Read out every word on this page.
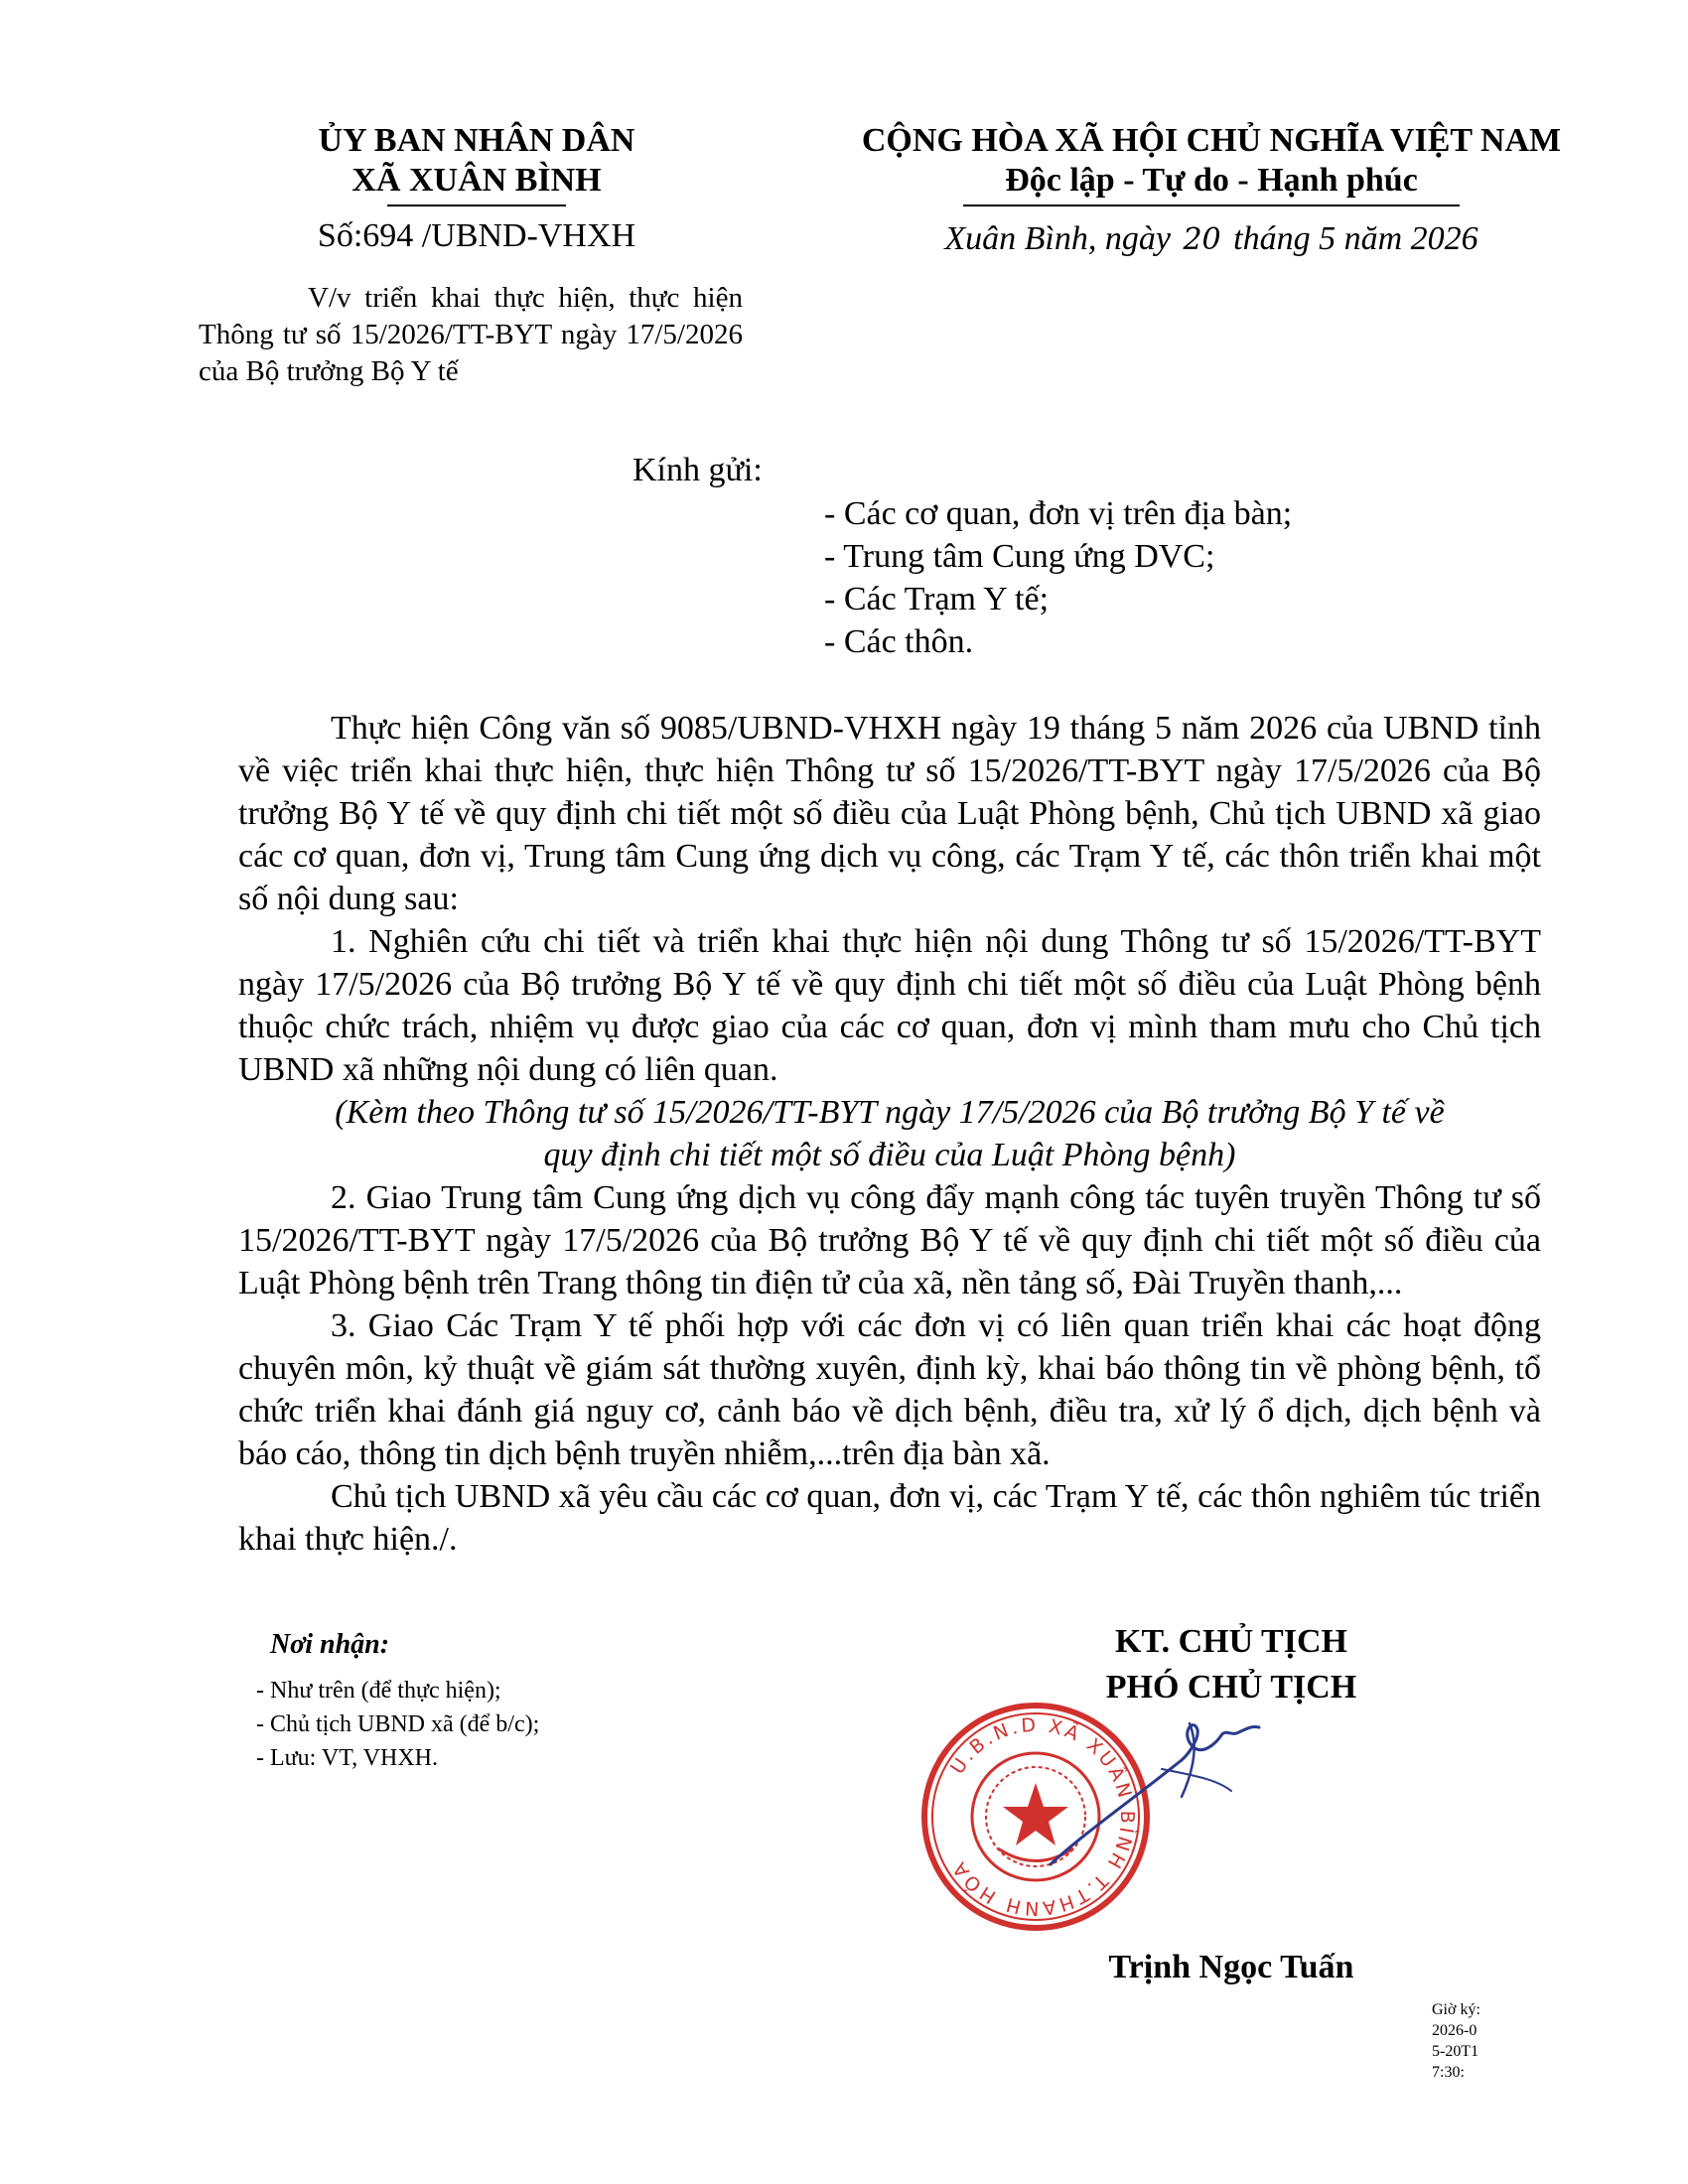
ỦY BAN NHÂN DÂN
XÃ XUÂN BÌNH
Số:694 /UBND-VHXH
V/v triển khai thực hiện, thực hiện Thông tư số 15/2026/TT-BYT ngày 17/5/2026 của Bộ trưởng Bộ Y tế
CỘNG HÒA XÃ HỘI CHỦ NGHĨA VIỆT NAM
Độc lập - Tự do - Hạnh phúc
Xuân Bình, ngày 20 tháng 5 năm 2026
Kính gửi:
- Các cơ quan, đơn vị trên địa bàn;
- Trung tâm Cung ứng DVC;
- Các Trạm Y tế;
- Các thôn.

Thực hiện Công văn số 9085/UBND-VHXH ngày 19 tháng 5 năm 2026 của UBND tỉnh về việc triển khai thực hiện, thực hiện Thông tư số 15/2026/TT-BYT ngày 17/5/2026 của Bộ trưởng Bộ Y tế về quy định chi tiết một số điều của Luật Phòng bệnh, Chủ tịch UBND xã giao các cơ quan, đơn vị, Trung tâm Cung ứng dịch vụ công, các Trạm Y tế, các thôn triển khai một số nội dung sau:

1. Nghiên cứu chi tiết và triển khai thực hiện nội dung Thông tư số 15/2026/TT-BYT ngày 17/5/2026 của Bộ trưởng Bộ Y tế về quy định chi tiết một số điều của Luật Phòng bệnh thuộc chức trách, nhiệm vụ được giao của các cơ quan, đơn vị mình tham mưu cho Chủ tịch UBND xã những nội dung có liên quan.

(Kèm theo Thông tư số 15/2026/TT-BYT ngày 17/5/2026 của Bộ trưởng Bộ Y tế về
quy định chi tiết một số điều của Luật Phòng bệnh)

2. Giao Trung tâm Cung ứng dịch vụ công đẩy mạnh công tác tuyên truyền Thông tư số 15/2026/TT-BYT ngày 17/5/2026 của Bộ trưởng Bộ Y tế về quy định chi tiết một số điều của Luật Phòng bệnh trên Trang thông tin điện tử của xã, nền tảng số, Đài Truyền thanh,...

3. Giao Các Trạm Y tế phối hợp với các đơn vị có liên quan triển khai các hoạt động chuyên môn, kỷ thuật về giám sát thường xuyên, định kỳ, khai báo thông tin về phòng bệnh, tổ chức triển khai đánh giá nguy cơ, cảnh báo về dịch bệnh, điều tra, xử lý ổ dịch, dịch bệnh và báo cáo, thông tin dịch bệnh truyền nhiễm,...trên địa bàn xã.

Chủ tịch UBND xã yêu cầu các cơ quan, đơn vị, các Trạm Y tế, các thôn nghiêm túc triển khai thực hiện./.

Nơi nhận:
- Như trên (để thực hiện);
- Chủ tịch UBND xã (để b/c);
- Lưu: VT, VHXH.
KT. CHỦ TỊCH
PHÓ CHỦ TỊCH
U.B.N.D XÃ XUÂN BÌNH T.THANH HÓA
Trịnh Ngọc Tuấn
Giờ ký: 2026-05-20T17:30:
